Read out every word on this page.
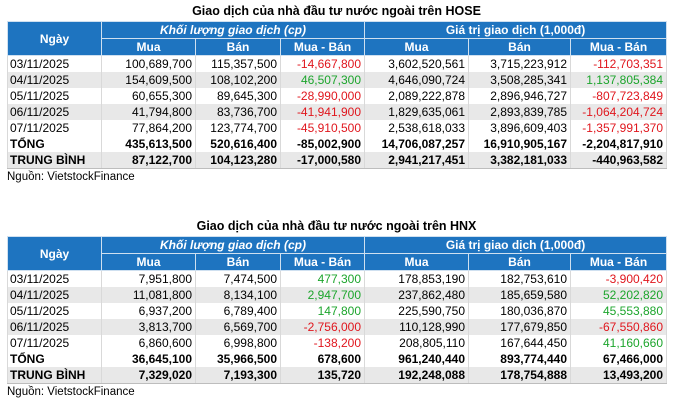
Giao dịch của nhà đầu tư nước ngoài trên HOSE
Ngày	Khối lượng giao dịch (cp)			Giá trị giao dịch (1,000đ)		
	Mua	Bán	Mua - Bán	Mua	Bán	Mua - Bán
03/11/2025	100,689,700	115,357,500	-14,667,800	3,602,520,561	3,715,223,912	-112,703,351
04/11/2025	154,609,500	108,102,200	46,507,300	4,646,090,724	3,508,285,341	1,137,805,384
05/11/2025	60,655,300	89,645,300	-28,990,000	2,089,222,878	2,896,946,727	-807,723,849
06/11/2025	41,794,800	83,736,700	-41,941,900	1,829,635,061	2,893,839,785	-1,064,204,724
07/11/2025	77,864,200	123,774,700	-45,910,500	2,538,618,033	3,896,609,403	-1,357,991,370
TỔNG	435,613,500	520,616,400	-85,002,900	14,706,087,257	16,910,905,167	-2,204,817,910
TRUNG BÌNH	87,122,700	104,123,280	-17,000,580	2,941,217,451	3,382,181,033	-440,963,582
Nguồn: VietstockFinance
Giao dịch của nhà đầu tư nước ngoài trên HNX
Ngày	Khối lượng giao dịch (cp)			Giá trị giao dịch (1,000đ)		
	Mua	Bán	Mua - Bán	Mua	Bán	Mua - Bán
03/11/2025	7,951,800	7,474,500	477,300	178,853,190	182,753,610	-3,900,420
04/11/2025	11,081,800	8,134,100	2,947,700	237,862,480	185,659,580	52,202,820
05/11/2025	6,937,200	6,789,400	147,800	225,590,750	180,036,870	45,553,880
06/11/2025	3,813,700	6,569,700	-2,756,000	110,128,990	177,679,850	-67,550,860
07/11/2025	6,860,600	6,998,800	-138,200	208,805,110	167,644,450	41,160,660
TỔNG	36,645,100	35,966,500	678,600	961,240,440	893,774,440	67,466,000
TRUNG BÌNH	7,329,020	7,193,300	135,720	192,248,088	178,754,888	13,493,200
Nguồn: VietstockFinance
